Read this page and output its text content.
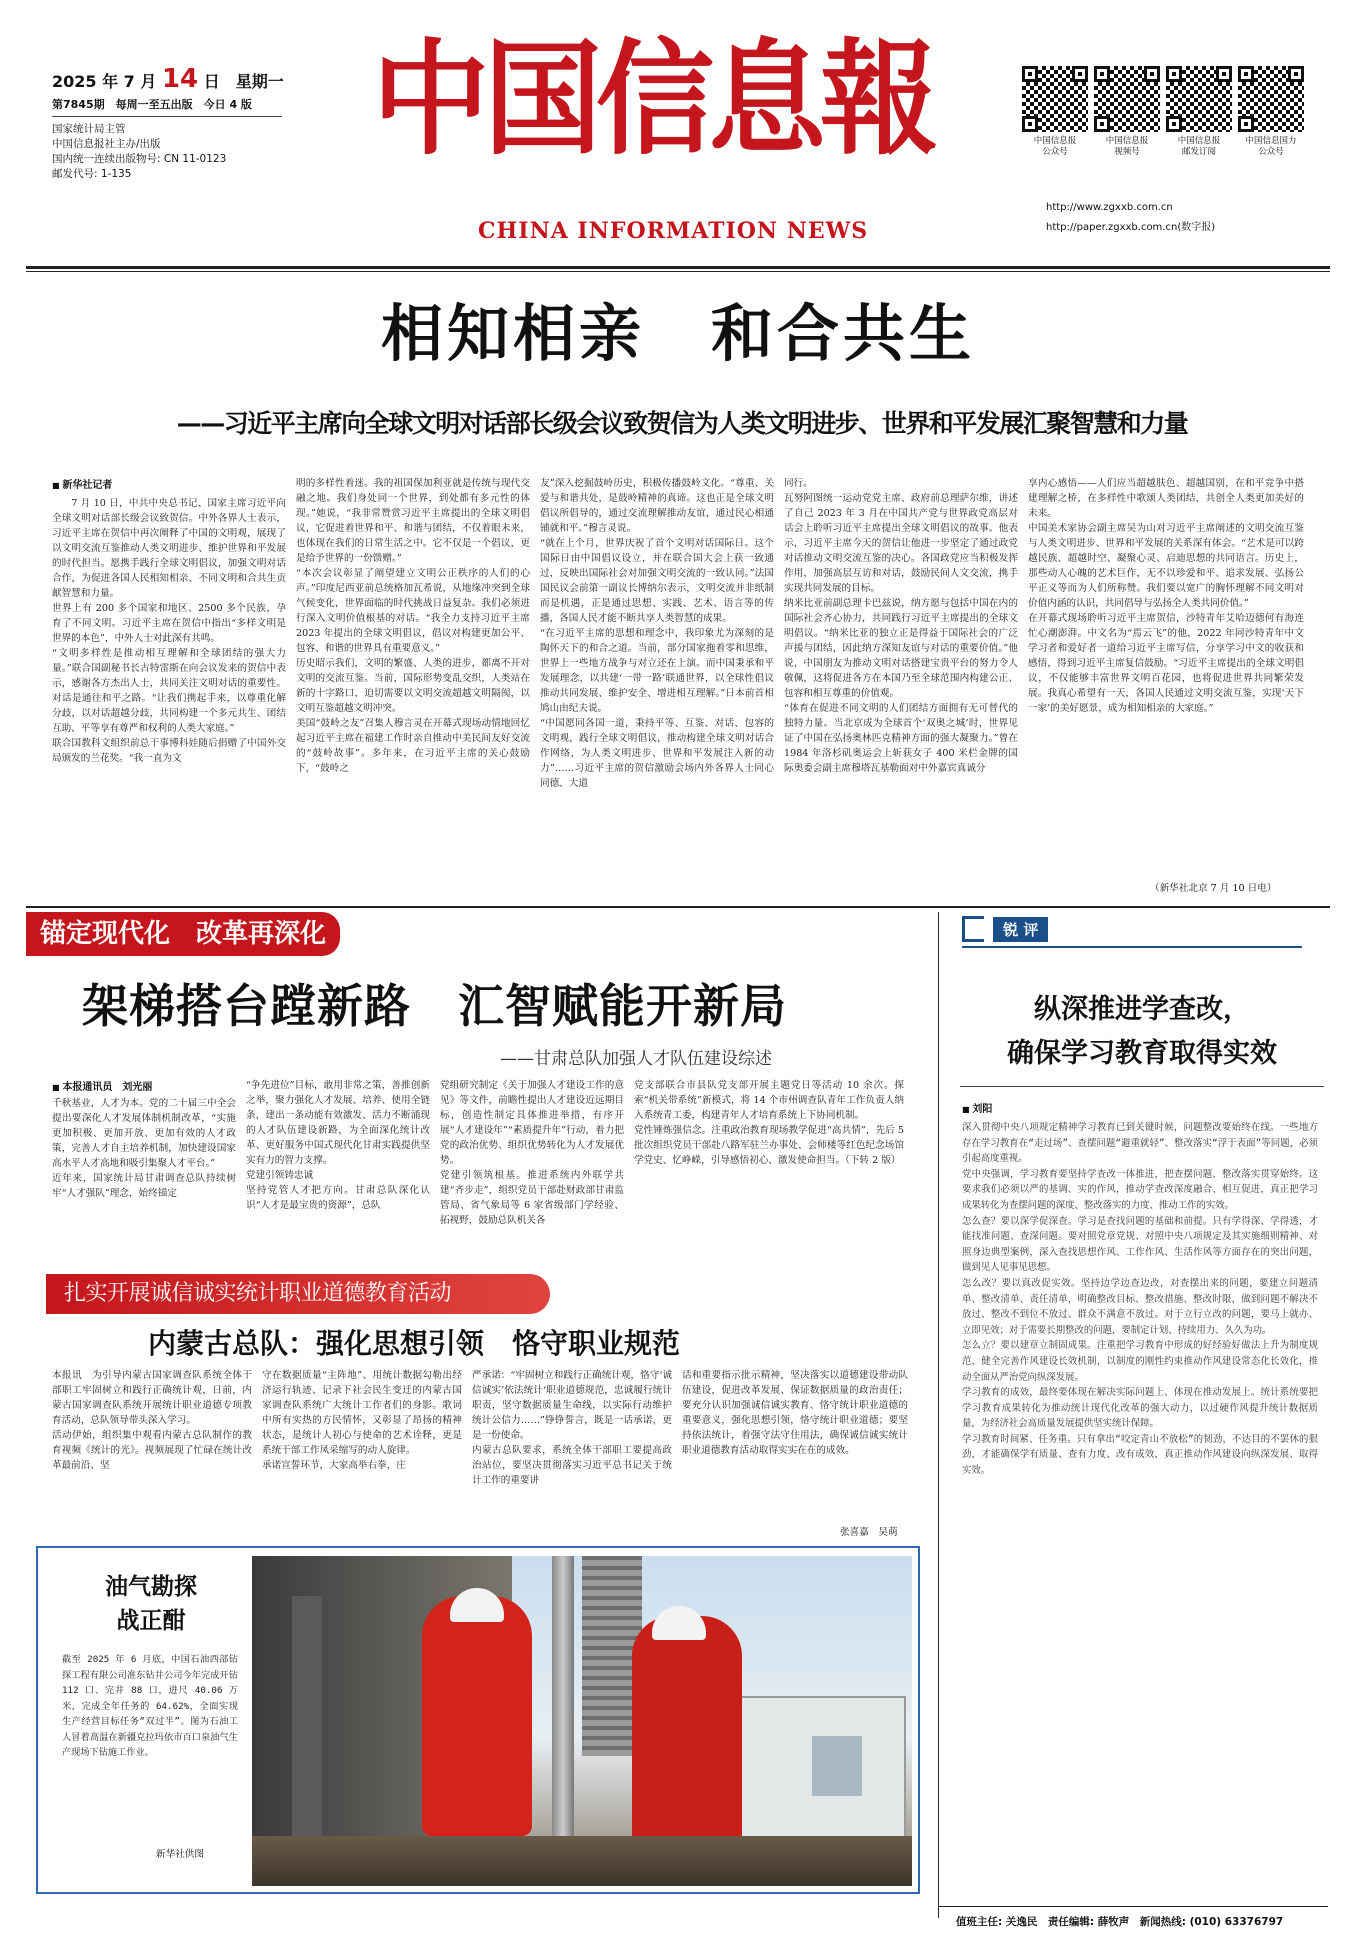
2025 年 7 月 14 日　星期一
第7845期　每周一至五出版　今日 4 版
国家统计局主管
中国信息报社主办/出版
国内统一连续出版物号: CN 11-0123
邮发代号: 1-135
中国信息報
CHINA INFORMATION NEWS
中国信息报
公众号
中国信息报
视频号
中国信息报
邮发订阅
中国信息国力
公众号
http://www.zgxxb.com.cn
http://paper.zgxxb.com.cn(数字报)
相知相亲　和合共生
——习近平主席向全球文明对话部长级会议致贺信为人类文明进步、世界和平发展汇聚智慧和力量
■ 新华社记者
7 月 10 日，中共中央总书记、国家主席习近平向全球文明对话部长级会议致贺信。中外各界人士表示，习近平主席在贺信中再次阐释了中国的文明观，展现了以文明交流互鉴推动人类文明进步、维护世界和平发展的时代担当。愿携手践行全球文明倡议，加强文明对话合作，为促进各国人民相知相亲、不同文明和合共生贡献智慧和力量。
世界上有 200 多个国家和地区、2500 多个民族，孕育了不同文明。习近平主席在贺信中指出“多样文明是世界的本色”，中外人士对此深有共鸣。
“文明多样性是推动相互理解和全球团结的强大力量。”联合国副秘书长古特雷斯在向会议发来的贺信中表示，感谢各方杰出人士，共同关注文明对话的重要性。对话是通往和平之路。“让我们携起手来，以尊重化解分歧，以对话超越分歧，共同构建一个多元共生、团结互助、平等享有尊严和权利的人类大家庭。”
联合国教科文组织前总干事博科娃随后捐赠了中国外交局颁发的兰花奖。“我一直为文
明的多样性着迷。我的祖国保加利亚就是传统与现代交融之地。我们身处同一个世界，到处都有多元性的体现。”她说，“我非常赞赏习近平主席提出的全球文明倡议，它促进着世界和平、和谐与团结，不仅着眼未来，也体现在我们的日常生活之中。它不仅是一个倡议，更是给予世界的一份馈赠。”
“本次会议彰显了阐望建立文明公正秩序的人们的心声。”印度尼西亚前总统格加瓦希说，从地缘冲突到全球气候变化，世界面临的时代挑战日益复杂。我们必须进行深入文明价值根基的对话。“我全力支持习近平主席 2023 年提出的全球文明倡议，倡议对构建更加公平、包容、和谐的世界具有重要意义。”
历史昭示我们，文明的繁盛、人类的进步，都离不开对文明的交流互鉴。当前，国际形势变乱交织，人类站在新的十字路口，迫切需要以文明交流超越文明隔阂，以文明互鉴超越文明冲突。
美国“鼓岭之友”召集人穆言灵在开幕式现场动情地回忆起习近平主席在福建工作时亲自推动中美民间友好交流的“鼓岭故事”。多年来，在习近平主席的关心鼓励下，“鼓岭之
友”深入挖掘鼓岭历史，积极传播鼓岭文化。“尊重、关爱与和谐共处，是鼓岭精神的真谛。这也正是全球文明倡议所倡导的，通过交流理解推动友谊，通过民心相通铺就和平。”穆言灵说。
“就在上个月，世界庆祝了首个文明对话国际日。这个国际日由中国倡议设立，并在联合国大会上获一致通过，反映出国际社会对加强文明交流的一致认同。”法国国民议会前第一副议长博纳尔表示，文明交流并非纸制而是机遇，正是通过思想、实践、艺术、语言等的传播，各国人民才能不断共享人类智慧的成果。
“在习近平主席的思想和理念中，我印象尤为深刻的是陶怀天下的和合之道。当前，部分国家拖着零和思维，世界上一些地方战争与对立还在上演。而中国秉承和平发展理念，以共建‘一带一路’联通世界，以全球性倡议推动共同发展、维护安全、增进相互理解。”日本前首相鸠山由纪夫说。
“中国愿同各国一道，秉持平等、互鉴、对话、包容的文明观，践行全球文明倡议，推动构建全球文明对话合作网络，为人类文明进步、世界和平发展注入新的动力”……习近平主席的贺信激励会场内外各界人士同心同德、大道
同行。
瓦努阿图统一运动党党主席、政府前总理萨尔维，讲述了自己 2023 年 3 月在中国共产党与世界政党高层对话会上聆听习近平主席提出全球文明倡议的故事。他表示，习近平主席今天的贺信让他进一步坚定了通过政党对话推动文明交流互鉴的决心。各国政党应当积极发挥作用，加强高层互访和对话，鼓励民间人文交流，携手实现共同发展的目标。
纳米比亚前副总理卡巴兹说，纳方愿与包括中国在内的国际社会齐心协力，共同践行习近平主席提出的全球文明倡议。“纳米比亚的独立正是得益于国际社会的广泛声援与团结，因此纳方深知友谊与对话的重要价值。”他说，中国朋友为推动文明对话搭建宝贵平台的努力令人敬佩，这将促进各方在本国乃至全球范围内构建公正、包容和相互尊重的价值观。
“体育在促进不同文明的人们团结方面拥有无可替代的独特力量。当北京成为全球首个‘双奥之城’时，世界见证了中国在弘扬奥林匹克精神方面的强大凝聚力。”曾在 1984 年洛杉矶奥运会上斩获女子 400 米栏金牌的国际奥委会副主席穆塔瓦基勒面对中外嘉宾真诚分
享内心感悟——人们应当超越肤色、超越国别，在和平竞争中搭建理解之桥，在多样性中歌颂人类团结，共创全人类更加美好的未来。
中国美术家协会副主席吴为山对习近平主席阐述的文明交流互鉴与人类文明进步、世界和平发展的关系深有体会。“艺术是可以跨越民族、超越时空、凝聚心灵、启迪思想的共同语言。历史上，那些动人心魄的艺术巨作，无不以珍爱和平、追求发展、弘扬公平正义等而为人们所称赞。我们要以宽广的胸怀理解不同文明对价值内涵的认识，共同倡导与弘扬全人类共同价值。”
在开幕式现场聆听习近平主席贺信，沙特青年艾哈迈德何有海连忙心潮澎湃。中文名为“焉云飞”的他，2022 年同沙特青年中文学习者和爱好者一道给习近平主席写信，分享学习中文的收获和感悟，得到习近平主席复信鼓励。“习近平主席提出的全球文明倡议，不仅能够丰富世界文明百花园，也将促进世界共同繁荣发展。我真心希望有一天，各国人民通过文明交流互鉴，实现‘天下一家’的美好愿景，成为相知相亲的大家庭。”
（新华社北京 7 月 10 日电）
锚定现代化　改革再深化
架梯搭台蹚新路　汇智赋能开新局
——甘肃总队加强人才队伍建设综述
■ 本报通讯员　刘光丽
千秋基业，人才为本。党的二十届三中全会提出要深化人才发展体制机制改革，“实施更加积极、更加开放、更加有效的人才政策，完善人才自主培养机制，加快建设国家高水平人才高地和吸引集聚人才平台。”
近年来，国家统计局甘肃调查总队持续树牢“人才强队”理念，始终锚定
“争先进位”目标，敢用非常之策，善推创新之举，聚力强化人才发展、培养、使用全链条，建出一条动能有效激发、活力不断涌现的人才队伍建设新路，为全面深化统计改革、更好服务中国式现代化甘肃实践提供坚实有力的智力支撑。
党建引领铸忠诚
坚持党管人才把方向。甘肃总队深化认识“人才是最宝贵的资源”，总队
党组研究制定《关于加强人才建设工作的意见》等文件，前瞻性提出人才建设近远期目标，创造性制定具体推进举措，有序开展“人才建设年”“素质提升年”行动，着力把党的政治优势、组织优势转化为人才发展优势。
党建引领筑根基。推进系统内外联学共建“齐步走”，组织党员干部赴财政部甘肃监管局、省气象局等 6 家省级部门学经验、拓视野，鼓励总队机关各
党支部联合市县队党支部开展主题党日等活动 10 余次。探索“机关带系统”新模式，将 14 个市州调查队青年工作负责人纳入系统青工委，构建青年人才培育系统上下协同机制。
党性锤炼强信念。注重政治教育现场教学促进“高共情”，先后 5 批次组织党员干部赴八路军驻兰办事处、会师楼等红色纪念场馆学党史、忆峥嵘，引导感悟初心、激发使命担当。（下转 2 版）
锐 评
纵深推进学查改，
确保学习教育取得实效
■ 刘阳
深入贯彻中央八项规定精神学习教育已到关键时候，问题整改要始终在线。一些地方存在学习教育在“走过场”、查摆问题“避重就轻”、整改落实“浮于表面”等问题，必须引起高度重视。
党中央强调，学习教育要坚持学查改一体推进，把查摆问题、整改落实贯穿始终。这要求我们必须以严的基调、实的作风，推动学查改深度融合、相互促进，真正把学习成果转化为查摆问题的深度、整改落实的力度、推动工作的实效。
怎么查？要以深学促深查。学习是查找问题的基础和前提。只有学得深、学得透，才能找准问题、查深问题。要对照党章党规、对照中央八项规定及其实施细则精神、对照身边典型案例，深入查找思想作风、工作作风、生活作风等方面存在的突出问题，做到见人见事见思想。
怎么改？要以真改促实效。坚持边学边查边改，对查摆出来的问题，要建立问题清单、整改清单、责任清单，明确整改目标、整改措施、整改时限，做到问题不解决不放过、整改不到位不放过、群众不满意不放过。对于立行立改的问题，要马上就办、立即见效；对于需要长期整改的问题，要制定计划、持续用力、久久为功。
怎么立？要以建章立制固成果。注重把学习教育中形成的好经验好做法上升为制度规范，健全完善作风建设长效机制，以制度的刚性约束推动作风建设常态化长效化，推动全面从严治党向纵深发展。
学习教育的成效，最终要体现在解决实际问题上、体现在推动发展上。统计系统要把学习教育成果转化为推动统计现代化改革的强大动力，以过硬作风提升统计数据质量，为经济社会高质量发展提供坚实统计保障。
学习教育时间紧、任务重。只有拿出“咬定青山不放松”的韧劲，不达目的不罢休的狠劲，才能确保学有质量、查有力度、改有成效，真正推动作风建设向纵深发展、取得实效。
扎实开展诚信诚实统计职业道德教育活动
内蒙古总队：强化思想引领　恪守职业规范
本报讯　为引导内蒙古国家调查队系统全体干部职工牢固树立和践行正确统计观，日前，内蒙古国家调查队系统开展统计职业道德专项教育活动，总队领导带头深入学习。
活动伊始，组织集中观看内蒙古总队制作的教育视频《统计的光》。视频展现了忙碌在统计改革最前沿、坚
守在数据质量“主阵地”、用统计数据勾勒出经济运行轨迹、记录下社会民生变迁的内蒙古国家调查队系统广大统计工作者们的身影。歌词中所有实热的方民情怀，又彰显了昂扬的精神状态，是统计人初心与使命的艺术诠释，更是系统干部工作凤采缩写的动人旋律。
承诺宣誓环节，大家高举右拳，庄
严承诺：“牢固树立和践行正确统计观，恪守‘诚信诚实’依法统计‘职业道德规范，忠诚履行统计职责，坚守数据质量生命线，以实际行动维护统计公信力……”铮铮誓言，既是一话承诺，更是一份使命。
内蒙古总队要求，系统全体干部职工要提高政治站位，要坚决贯彻落实习近平总书记关于统计工作的重要讲
话和重要指示批示精神，坚决落实以道德建设带动队伍建设，促进改革发展、保证数据质量的政治责任；要充分认识加强诚信诚实教育、恪守统计职业道德的重要意义，强化思想引领，恪守统计职业道德；要坚持依法统计，着强守法守住用法，确保诚信诚实统计职业道德教育活动取得实实在在的成效。
张喜嘉　吴萌
油气勘探
战正酣
截至 2025 年 6 月底，中国石油西部钻探工程有限公司准东钻井公司今年完成开钻 112 口、完井 88 口，进尺 40.06 万米，完成全年任务的 64.62%，全面实现生产经营目标任务“双过半”。图为石油工人冒着高温在新疆克拉玛依市百口泉油气生产现场下钻施工作业。
新华社供图
值班主任: 关逸民　责任编辑: 薛牧声　新闻热线: (010) 63376797
